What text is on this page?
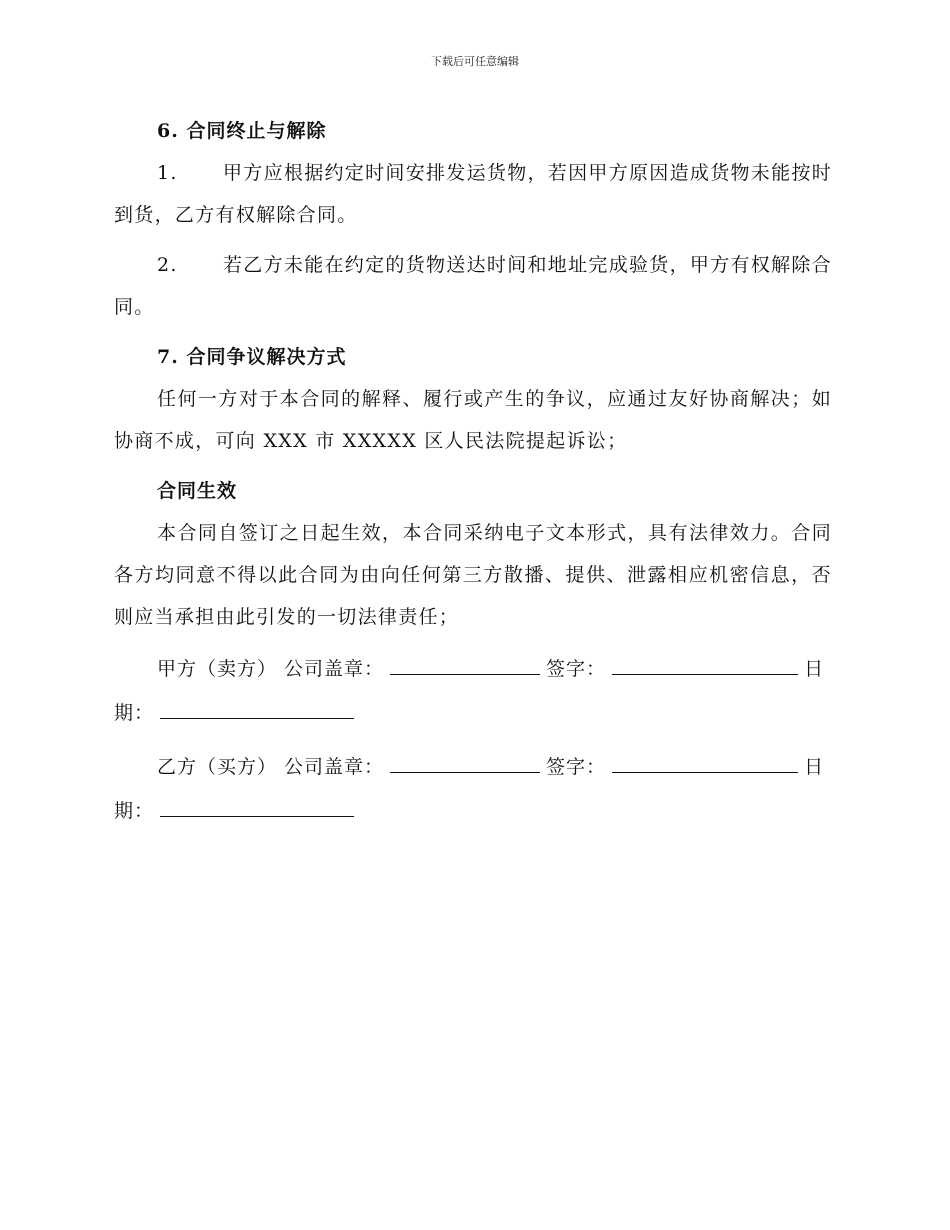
下载后可任意编辑
6. 合同终止与解除
1. 甲方应根据约定时间安排发运货物，若因甲方原因造成货物未能按时到货，乙方有权解除合同。
2. 若乙方未能在约定的货物送达时间和地址完成验货，甲方有权解除合同。
7. 合同争议解决方式
任何一方对于本合同的解释、履行或产生的争议，应通过友好协商解决；如协商不成，可向 XXX 市 XXXXX 区人民法院提起诉讼；
合同生效
本合同自签订之日起生效，本合同采纳电子文本形式，具有法律效力。合同各方均同意不得以此合同为由向任何第三方散播、提供、泄露相应机密信息，否则应当承担由此引发的一切法律责任；
甲方（卖方） 公司盖章：	签字：	日
期：
乙方（买方） 公司盖章：	签字：	日
期：
